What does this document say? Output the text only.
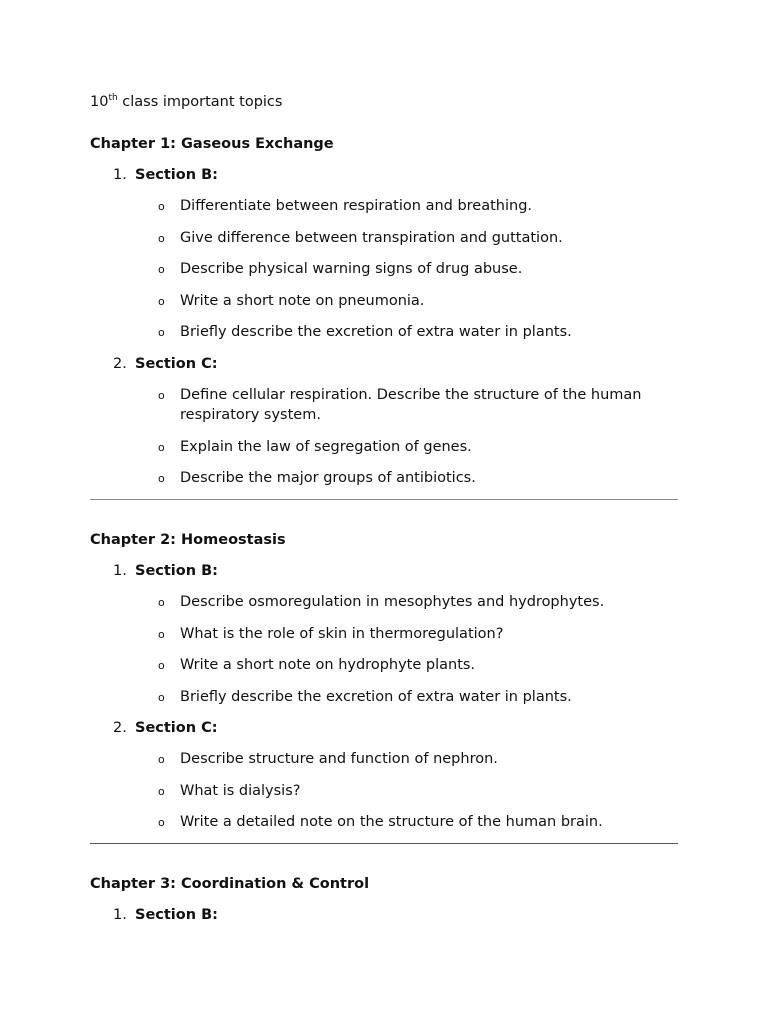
10th class important topics
Chapter 1: Gaseous Exchange
1. Section B:
o Differentiate between respiration and breathing.
o Give difference between transpiration and guttation.
o Describe physical warning signs of drug abuse.
o Write a short note on pneumonia.
o Briefly describe the excretion of extra water in plants.
2. Section C:
o Define cellular respiration. Describe the structure of the human respiratory system.
o Explain the law of segregation of genes.
o Describe the major groups of antibiotics.
Chapter 2: Homeostasis
1. Section B:
o Describe osmoregulation in mesophytes and hydrophytes.
o What is the role of skin in thermoregulation?
o Write a short note on hydrophyte plants.
o Briefly describe the excretion of extra water in plants.
2. Section C:
o Describe structure and function of nephron.
o What is dialysis?
o Write a detailed note on the structure of the human brain.
Chapter 3: Coordination & Control
1. Section B:
